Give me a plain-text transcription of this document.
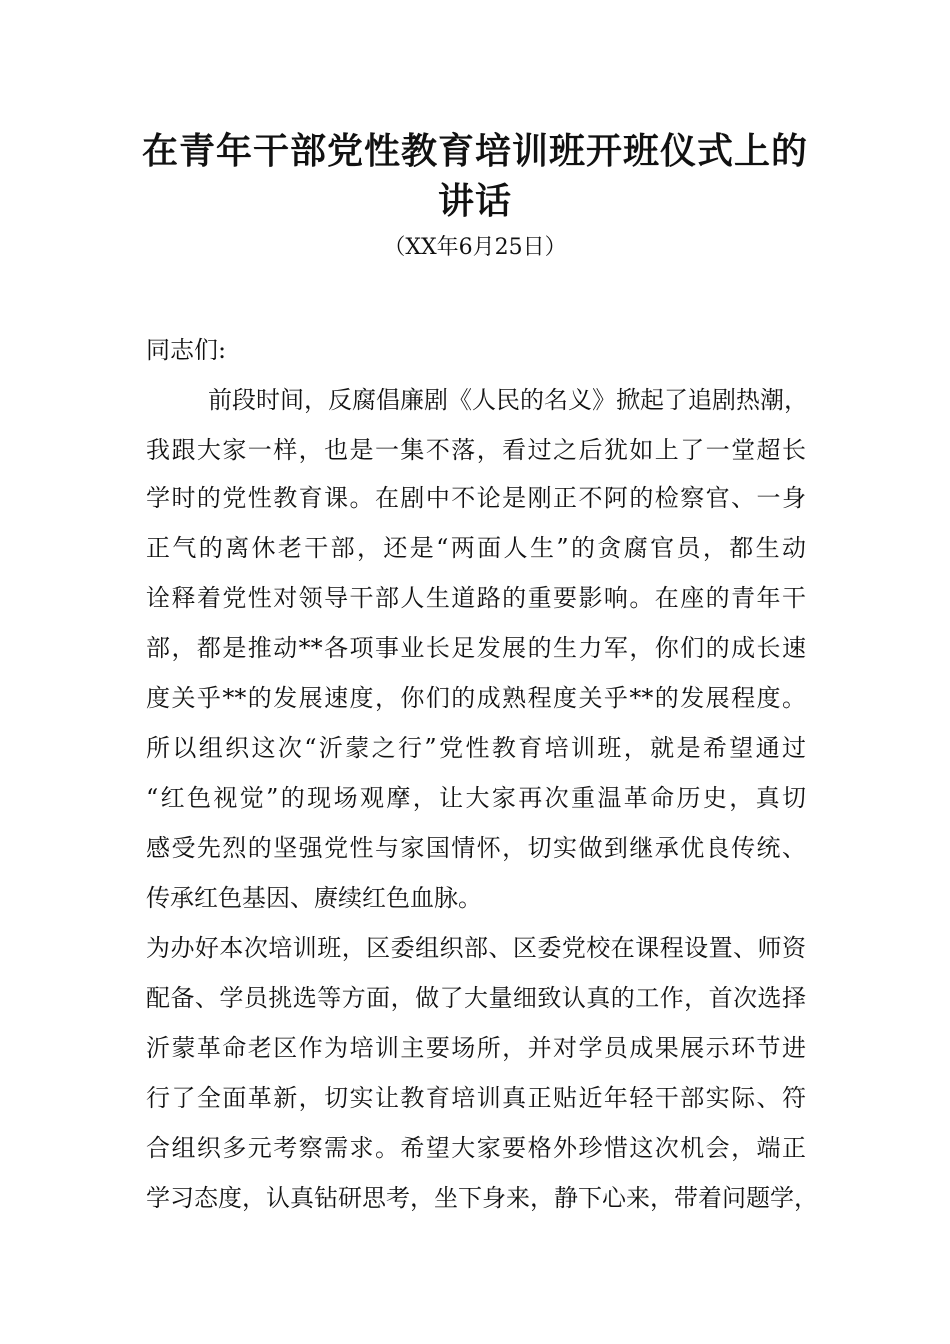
在青年干部党性教育培训班开班仪式上的
讲话
（XX年6月25日）
同志们:
前段时间，反腐倡廉剧《人民的名义》掀起了追剧热潮，
我跟大家一样，也是一集不落，看过之后犹如上了一堂超长
学时的党性教育课。在剧中不论是刚正不阿的检察官、一身
正气的离休老干部，还是“两面人生”的贪腐官员，都生动
诠释着党性对领导干部人生道路的重要影响。在座的青年干
部，都是推动**各项事业长足发展的生力军，你们的成长速
度关乎**的发展速度，你们的成熟程度关乎**的发展程度。
所以组织这次“沂蒙之行”党性教育培训班，就是希望通过
“红色视觉”的现场观摩，让大家再次重温革命历史，真切
感受先烈的坚强党性与家国情怀，切实做到继承优良传统、
传承红色基因、赓续红色血脉。
为办好本次培训班，区委组织部、区委党校在课程设置、师资
配备、学员挑选等方面，做了大量细致认真的工作，首次选择
沂蒙革命老区作为培训主要场所，并对学员成果展示环节进
行了全面革新，切实让教育培训真正贴近年轻干部实际、符
合组织多元考察需求。希望大家要格外珍惜这次机会，端正
学习态度，认真钻研思考，坐下身来，静下心来，带着问题学，
